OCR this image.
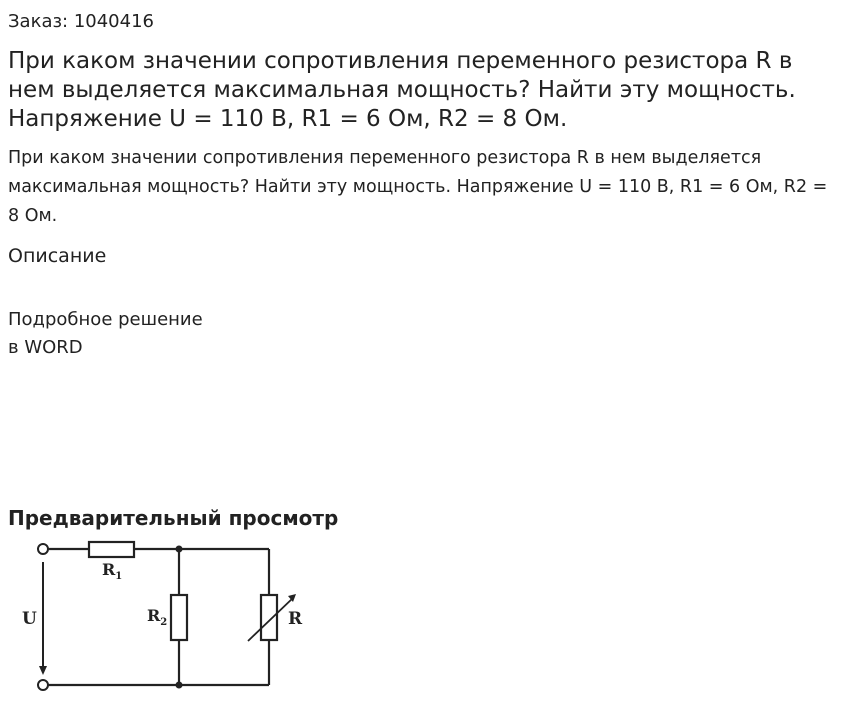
Заказ: 1040416
При каком значении сопротивления переменного резистора R в нем выделяется максимальная мощность? Найти эту мощность. Напряжение U = 110 В, R1 = 6 Ом, R2 = 8 Ом.

При каком значении сопротивления переменного резистора R в нем выделяется максимальная мощность? Найти эту мощность. Напряжение U = 110 В, R1 = 6 Ом, R2 = 8 Ом.

Описание
Подробное решение
в WORD
Предварительный просмотр
U
$R_1$
$R_2$	R
